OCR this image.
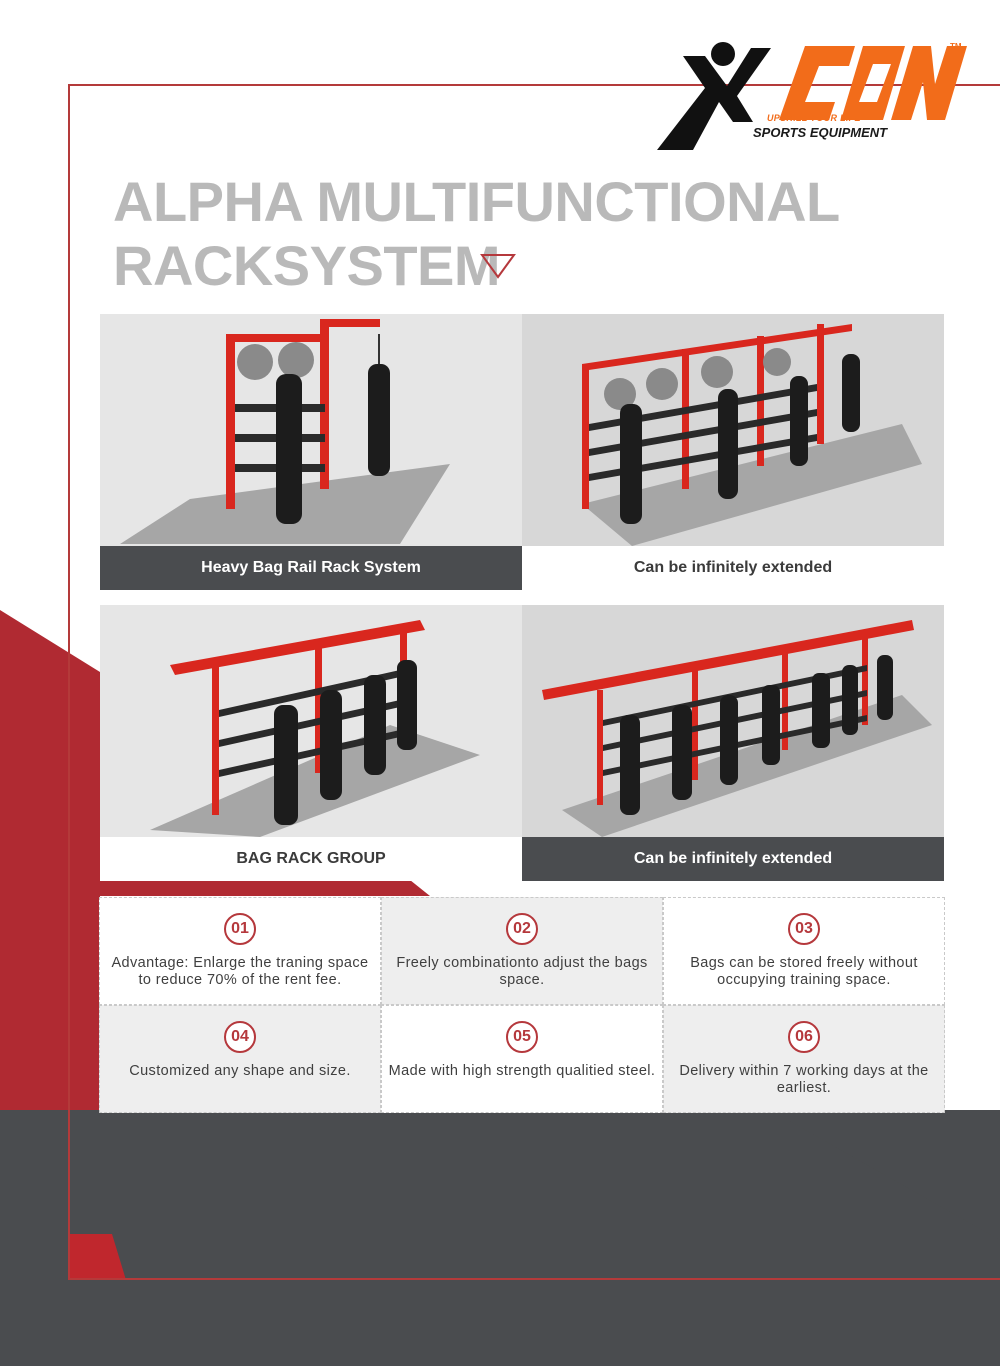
TM
UPSKILL YOUR LIFE
SPORTS EQUIPMENT
ALPHA MULTIFUNCTIONAL
RACKSYSTEM
Heavy Bag Rail Rack System	Can be infinitely extended
BAG RACK GROUP	Can be infinitely extended
01
Advantage: Enlarge the traning space to reduce 70% of the rent fee.
02
Freely combinationto adjust the bags space.
03
Bags can be stored freely without occupying training space.
04
Customized any shape and size.
05
Made with high strength qualitied steel.
06
Delivery within 7 working days at the earliest.
